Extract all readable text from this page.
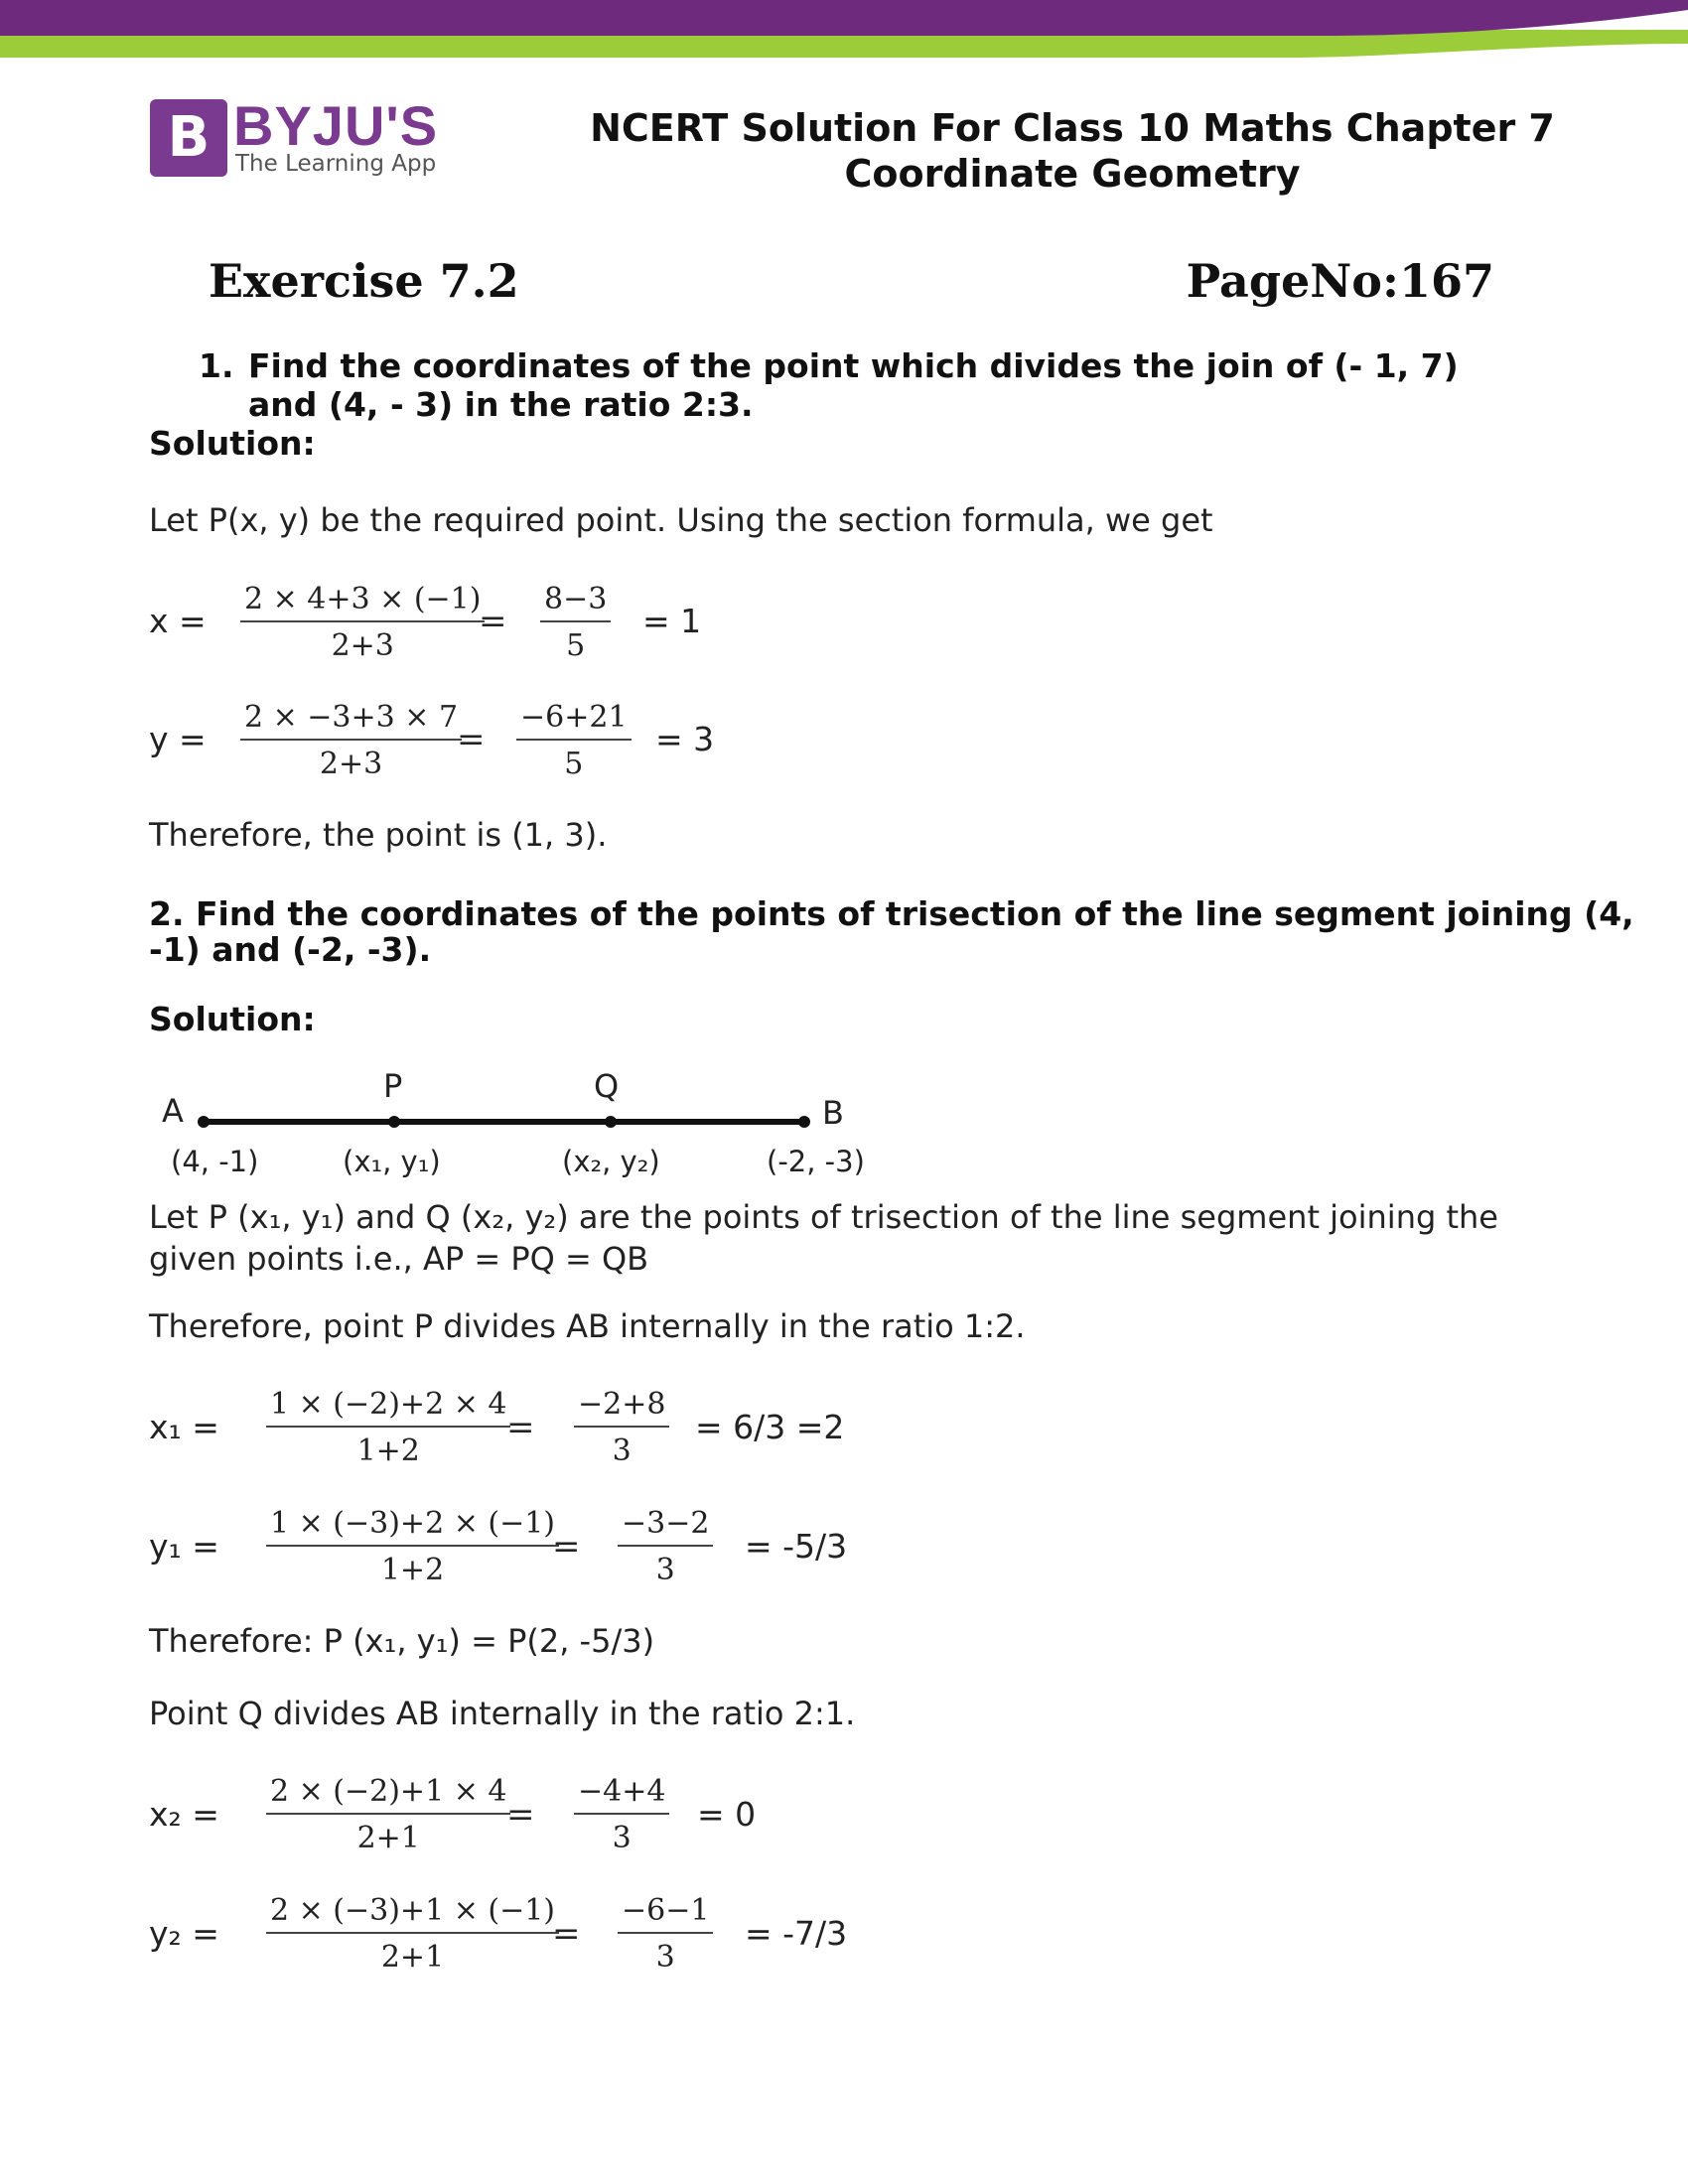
B BYJU'S
The Learning App
NCERT Solution For Class 10 Maths Chapter 7
Coordinate Geometry
Exercise 7.2	PageNo:167
1. Find the coordinates of the point which divides the join of (- 1, 7)
and (4, - 3) in the ratio 2:3.
Solution:
Let P(x, y) be the required point. Using the section formula, we get
$x = \frac{2 \times 4+3 \times (-1)}{2+3}$
= $\frac{8-3}{5} = 1$
$y = \frac{2 \times -3+3 \times 7}{2+3}$
= $\frac{-6+21}{5} = 3$
Therefore, the point is (1, 3).
2. Find the coordinates of the points of trisection of the line segment joining (4,
-1) and (-2, -3).
Solution:
A
P	Q
B
(4, -1)	(x₁, y₁)	(x₂, y₂)	(-2, -3)
Let P (x₁, y₁) and Q (x₂, y₂) are the points of trisection of the line segment joining the
given points i.e., AP = PQ = QB
Therefore, point P divides AB internally in the ratio 1:2.
$x_1 = \frac{1 \times (-2)+2 \times 4}{1+2}$
= $\frac{-2+8}{3} = 6/3 =2$
$y_1 = \frac{1 \times (-3)+2 \times (-1)}{1+2}$
= $\frac{-3-2}{3} = -5/3$
Therefore: P (x₁, y₁) = P(2, -5/3)
Point Q divides AB internally in the ratio 2:1.
$x_2 = \frac{2 \times (-2)+1 \times 4}{2+1}$
= $\frac{-4+4}{3} = 0$
$y_2 = \frac{2 \times (-3)+1 \times (-1)}{2+1}$
= $\frac{-6-1}{3} = -7/3$
